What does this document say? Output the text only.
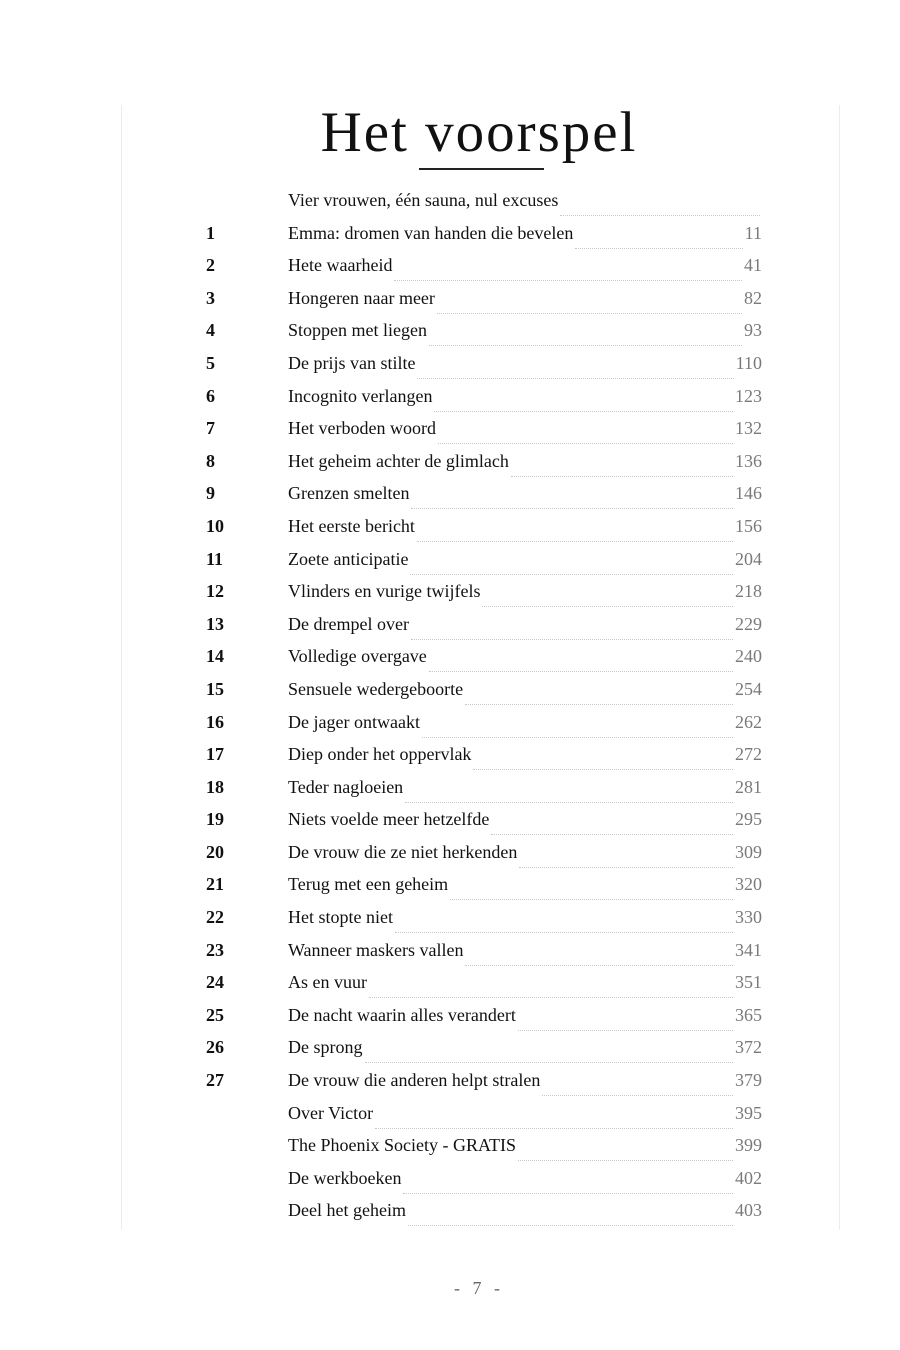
Het voorspel
Vier vrouwen, één sauna, nul excuses
1	Emma: dromen van handen die bevelen	11
2	Hete waarheid	41
3	Hongeren naar meer	82
4	Stoppen met liegen	93
5	De prijs van stilte	110
6	Incognito verlangen	123
7	Het verboden woord	132
8	Het geheim achter de glimlach	136
9	Grenzen smelten	146
10	Het eerste bericht	156
11	Zoete anticipatie	204
12	Vlinders en vurige twijfels	218
13	De drempel over	229
14	Volledige overgave	240
15	Sensuele wedergeboorte	254
16	De jager ontwaakt	262
17	Diep onder het oppervlak	272
18	Teder nagloeien	281
19	Niets voelde meer hetzelfde	295
20	De vrouw die ze niet herkenden	309
21	Terug met een geheim	320
22	Het stopte niet	330
23	Wanneer maskers vallen	341
24	As en vuur	351
25	De nacht waarin alles verandert	365
26	De sprong	372
27	De vrouw die anderen helpt stralen	379
Over Victor	395
The Phoenix Society - GRATIS	399
De werkboeken	402
Deel het geheim	403
- 7 -
